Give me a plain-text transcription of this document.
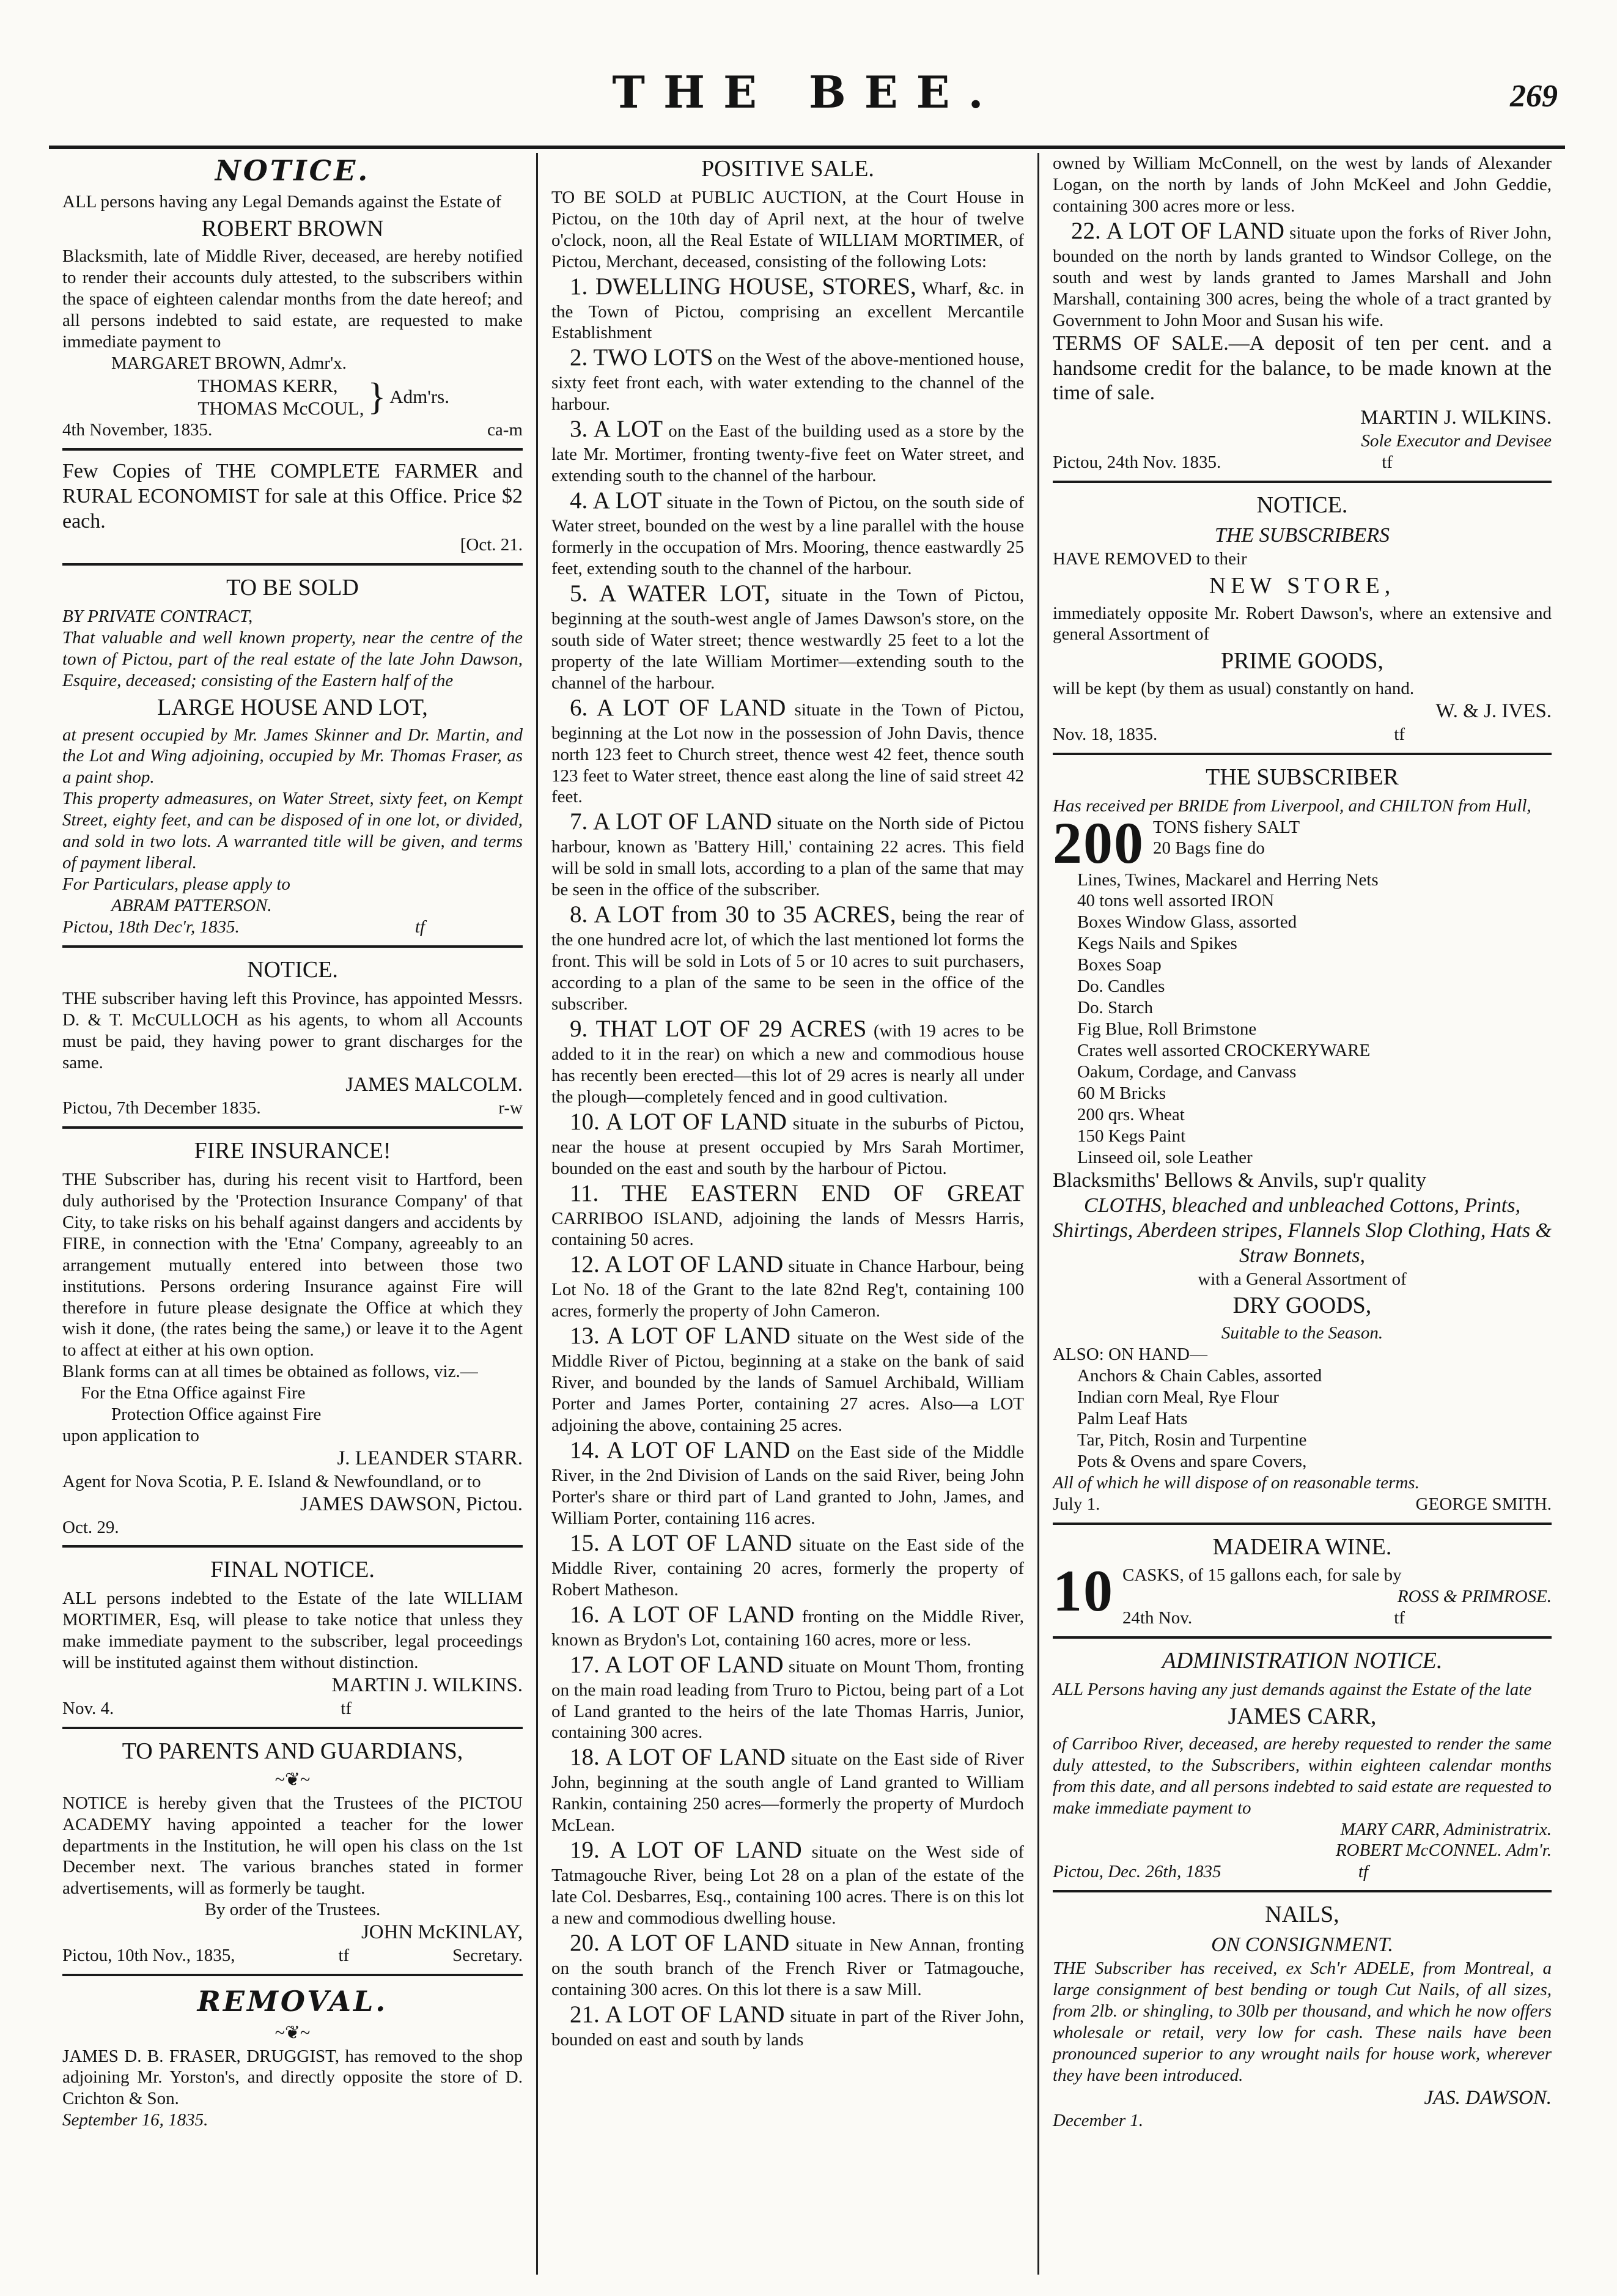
THE BEE.	269
NOTICE.

ALL persons having any Legal Demands against the Estate of

ROBERT BROWN

Blacksmith, late of Middle River, deceased, are hereby notified to render their accounts duly attested, to the subscribers within the space of eighteen calendar months from the date hereof; and all persons indebted to said estate, are requested to make immediate payment to

MARGARET BROWN, Admr'x.

THOMAS KERR,
THOMAS McCOUL, } Adm'rs.
4th November, 1835.	ca-m

Few Copies of THE COMPLETE FARMER and RURAL ECONOMIST for sale at this Office. Price $2 each.

[Oct. 21.

TO BE SOLD

BY PRIVATE CONTRACT,

That valuable and well known property, near the centre of the town of Pictou, part of the real estate of the late John Dawson, Esquire, deceased; consisting of the Eastern half of the

LARGE HOUSE AND LOT,

at present occupied by Mr. James Skinner and Dr. Martin, and the Lot and Wing adjoining, occupied by Mr. Thomas Fraser, as a paint shop.

This property admeasures, on Water Street, sixty feet, on Kempt Street, eighty feet, and can be disposed of in one lot, or divided, and sold in two lots. A warranted title will be given, and terms of payment liberal.

For Particulars, please apply to

ABRAM PATTERSON.

Pictou, 18th Dec'r, 1835.	tf
NOTICE.

THE subscriber having left this Province, has appointed Messrs. D. & T. McCULLOCH as his agents, to whom all Accounts must be paid, they having power to grant discharges for the same.

JAMES MALCOLM.

Pictou, 7th December 1835.	r-w
FIRE INSURANCE!

THE Subscriber has, during his recent visit to Hartford, been duly authorised by the 'Protection Insurance Company' of that City, to take risks on his behalf against dangers and accidents by FIRE, in connection with the 'Etna' Company, agreeably to an arrangement mutually entered into between those two institutions. Persons ordering Insurance against Fire will therefore in future please designate the Office at which they wish it done, (the rates being the same,) or leave it to the Agent to affect at either at his own option.

Blank forms can at all times be obtained as follows, viz.—

For the Etna Office against Fire

Protection Office against Fire

upon application to

J. LEANDER STARR.

Agent for Nova Scotia, P. E. Island & Newfoundland, or to

JAMES DAWSON, Pictou.

Oct. 29.

FINAL NOTICE.

ALL persons indebted to the Estate of the late WILLIAM MORTIMER, Esq, will please to take notice that unless they make immediate payment to the subscriber, legal proceedings will be instituted against them without distinction.

MARTIN J. WILKINS.

Nov. 4.	tf
TO PARENTS AND GUARDIANS,
~❦~

NOTICE is hereby given that the Trustees of the PICTOU ACADEMY having appointed a teacher for the lower departments in the Institution, he will open his class on the 1st December next. The various branches stated in former advertisements, will as formerly be taught.

By order of the Trustees.

JOHN McKINLAY,

Pictou, 10th Nov., 1835,	tf	Secretary.
REMOVAL.
~❦~

JAMES D. B. FRASER, DRUGGIST, has removed to the shop adjoining Mr. Yorston's, and directly opposite the store of D. Crichton & Son.

September 16, 1835.

POSITIVE SALE.

TO BE SOLD at PUBLIC AUCTION, at the Court House in Pictou, on the 10th day of April next, at the hour of twelve o'clock, noon, all the Real Estate of WILLIAM MORTIMER, of Pictou, Merchant, deceased, consisting of the following Lots:

1. DWELLING HOUSE, STORES, Wharf, &c. in the Town of Pictou, comprising an excellent Mercantile Establishment

2. TWO LOTS on the West of the above-mentioned house, sixty feet front each, with water extending to the channel of the harbour.

3. A LOT on the East of the building used as a store by the late Mr. Mortimer, fronting twenty-five feet on Water street, and extending south to the channel of the harbour.

4. A LOT situate in the Town of Pictou, on the south side of Water street, bounded on the west by a line parallel with the house formerly in the occupation of Mrs. Mooring, thence eastwardly 25 feet, extending south to the channel of the harbour.

5. A WATER LOT, situate in the Town of Pictou, beginning at the south-west angle of James Dawson's store, on the south side of Water street; thence westwardly 25 feet to a lot the property of the late William Mortimer—extending south to the channel of the harbour.

6. A LOT OF LAND situate in the Town of Pictou, beginning at the Lot now in the possession of John Davis, thence north 123 feet to Church street, thence west 42 feet, thence south 123 feet to Water street, thence east along the line of said street 42 feet.

7. A LOT OF LAND situate on the North side of Pictou harbour, known as 'Battery Hill,' containing 22 acres. This field will be sold in small lots, according to a plan of the same that may be seen in the office of the subscriber.

8. A LOT from 30 to 35 ACRES, being the rear of the one hundred acre lot, of which the last mentioned lot forms the front. This will be sold in Lots of 5 or 10 acres to suit purchasers, according to a plan of the same to be seen in the office of the subscriber.

9. THAT LOT OF 29 ACRES (with 19 acres to be added to it in the rear) on which a new and commodious house has recently been erected—this lot of 29 acres is nearly all under the plough—completely fenced and in good cultivation.

10. A LOT OF LAND situate in the suburbs of Pictou, near the house at present occupied by Mrs Sarah Mortimer, bounded on the east and south by the harbour of Pictou.

11. THE EASTERN END OF GREAT CARRIBOO ISLAND, adjoining the lands of Messrs Harris, containing 50 acres.

12. A LOT OF LAND situate in Chance Harbour, being Lot No. 18 of the Grant to the late 82nd Reg't, containing 100 acres, formerly the property of John Cameron.

13. A LOT OF LAND situate on the West side of the Middle River of Pictou, beginning at a stake on the bank of said River, and bounded by the lands of Samuel Archibald, William Porter and James Porter, containing 27 acres. Also—a LOT adjoining the above, containing 25 acres.

14. A LOT OF LAND on the East side of the Middle River, in the 2nd Division of Lands on the said River, being John Porter's share or third part of Land granted to John, James, and William Porter, containing 116 acres.

15. A LOT OF LAND situate on the East side of the Middle River, containing 20 acres, formerly the property of Robert Matheson.

16. A LOT OF LAND fronting on the Middle River, known as Brydon's Lot, containing 160 acres, more or less.

17. A LOT OF LAND situate on Mount Thom, fronting on the main road leading from Truro to Pictou, being part of a Lot of Land granted to the heirs of the late Thomas Harris, Junior, containing 300 acres.

18. A LOT OF LAND situate on the East side of River John, beginning at the south angle of Land granted to William Rankin, containing 250 acres—formerly the property of Murdoch McLean.

19. A LOT OF LAND situate on the West side of Tatmagouche River, being Lot 28 on a plan of the estate of the late Col. Desbarres, Esq., containing 100 acres. There is on this lot a new and commodious dwelling house.

20. A LOT OF LAND situate in New Annan, fronting on the south branch of the French River or Tatmagouche, containing 300 acres. On this lot there is a saw Mill.

21. A LOT OF LAND situate in part of the River John, bounded on east and south by lands

owned by William McConnell, on the west by lands of Alexander Logan, on the north by lands of John McKeel and John Geddie, containing 300 acres more or less.

22. A LOT OF LAND situate upon the forks of River John, bounded on the north by lands granted to Windsor College, on the south and west by lands granted to James Marshall and John Marshall, containing 300 acres, being the whole of a tract granted by Government to John Moor and Susan his wife.

TERMS OF SALE.—A deposit of ten per cent. and a handsome credit for the balance, to be made known at the time of sale.

MARTIN J. WILKINS.

Sole Executor and Devisee

Pictou, 24th Nov. 1835.	tf
NOTICE.

THE SUBSCRIBERS

HAVE REMOVED to their

NEW STORE,

immediately opposite Mr. Robert Dawson's, where an extensive and general Assortment of

PRIME GOODS,

will be kept (by them as usual) constantly on hand.

W. & J. IVES.

Nov. 18, 1835.	tf
THE SUBSCRIBER

Has received per BRIDE from Liverpool, and CHILTON from Hull,

200 TONS fishery SALT

20 Bags fine do

Lines, Twines, Mackarel and Herring Nets

40 tons well assorted IRON

Boxes Window Glass, assorted

Kegs Nails and Spikes

Boxes Soap

Do. Candles

Do. Starch

Fig Blue, Roll Brimstone

Crates well assorted CROCKERYWARE

Oakum, Cordage, and Canvass

60 M Bricks

200 qrs. Wheat

150 Kegs Paint

Linseed oil, sole Leather

Blacksmiths' Bellows & Anvils, sup'r quality

CLOTHS, bleached and unbleached Cottons, Prints, Shirtings, Aberdeen stripes, Flannels Slop Clothing, Hats & Straw Bonnets,

with a General Assortment of

DRY GOODS,

Suitable to the Season.

ALSO: ON HAND—

Anchors & Chain Cables, assorted

Indian corn Meal, Rye Flour

Palm Leaf Hats

Tar, Pitch, Rosin and Turpentine

Pots & Ovens and spare Covers,

All of which he will dispose of on reasonable terms.

July 1.	GEORGE SMITH.
MADEIRA WINE.
10 CASKS, of 15 gallons each, for sale by

ROSS & PRIMROSE.

24th Nov.	tf
ADMINISTRATION NOTICE.

ALL Persons having any just demands against the Estate of the late

JAMES CARR,

of Carriboo River, deceased, are hereby requested to render the same duly attested, to the Subscribers, within eighteen calendar months from this date, and all persons indebted to said estate are requested to make immediate payment to

MARY CARR, Administratrix.

ROBERT McCONNEL. Adm'r.

Pictou, Dec. 26th, 1835	tf
NAILS,

ON CONSIGNMENT.

THE Subscriber has received, ex Sch'r ADELE, from Montreal, a large consignment of best bending or tough Cut Nails, of all sizes, from 2lb. or shingling, to 30lb per thousand, and which he now offers wholesale or retail, very low for cash. These nails have been pronounced superior to any wrought nails for house work, wherever they have been introduced.

JAS. DAWSON.

December 1.
